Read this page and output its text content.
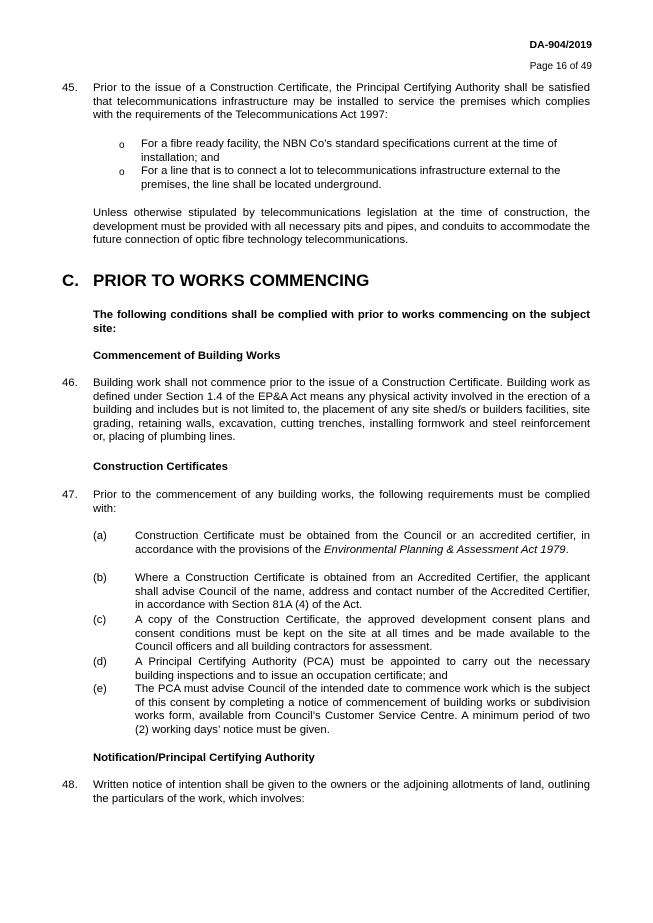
DA-904/2019
Page 16 of 49
45.	Prior to the issue of a Construction Certificate, the Principal Certifying Authority shall be satisfied that telecommunications infrastructure may be installed to service the premises which complies with the requirements of the Telecommunications Act 1997:
o	For a fibre ready facility, the NBN Co’s standard specifications current at the time of installation; and
o	For a line that is to connect a lot to telecommunications infrastructure external to the premises, the line shall be located underground.
Unless otherwise stipulated by telecommunications legislation at the time of construction, the development must be provided with all necessary pits and pipes, and conduits to accommodate the future connection of optic fibre technology telecommunications.
C. PRIOR TO WORKS COMMENCING
The following conditions shall be complied with prior to works commencing on the subject site:
Commencement of Building Works
46.	Building work shall not commence prior to the issue of a Construction Certificate. Building work as defined under Section 1.4 of the EP&A Act means any physical activity involved in the erection of a building and includes but is not limited to, the placement of any site shed/s or builders facilities, site grading, retaining walls, excavation, cutting trenches, installing formwork and steel reinforcement or, placing of plumbing lines.
Construction Certificates
47.	Prior to the commencement of any building works, the following requirements must be complied with:
(a)	Construction Certificate must be obtained from the Council or an accredited certifier, in accordance with the provisions of the Environmental Planning & Assessment Act 1979.
(b)	Where a Construction Certificate is obtained from an Accredited Certifier, the applicant shall advise Council of the name, address and contact number of the Accredited Certifier, in accordance with Section 81A (4) of the Act.
(c)	A copy of the Construction Certificate, the approved development consent plans and consent conditions must be kept on the site at all times and be made available to the Council officers and all building contractors for assessment.
(d)	A Principal Certifying Authority (PCA) must be appointed to carry out the necessary building inspections and to issue an occupation certificate; and
(e)	The PCA must advise Council of the intended date to commence work which is the subject of this consent by completing a notice of commencement of building works or subdivision works form, available from Council’s Customer Service Centre. A minimum period of two (2) working days’ notice must be given.
Notification/Principal Certifying Authority
48.	Written notice of intention shall be given to the owners or the adjoining allotments of land, outlining the particulars of the work, which involves:
